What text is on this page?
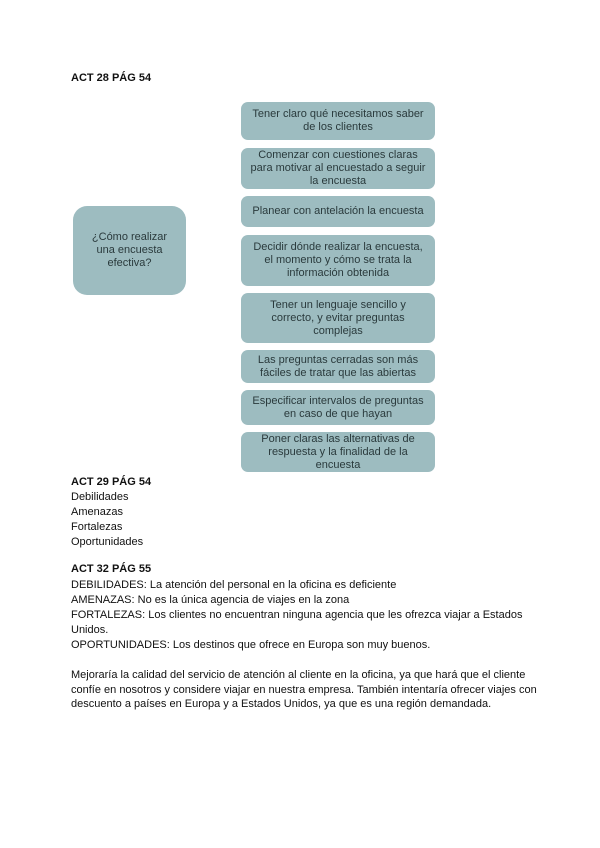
ACT 28 PÁG 54
¿Cómo realizar una encuesta efectiva?
Tener claro qué necesitamos saber de los clientes
Comenzar con cuestiones claras para motivar al encuestado a seguir la encuesta
Planear con antelación la encuesta
Decidir dónde realizar la encuesta, el momento y cómo se trata la información obtenida
Tener un lenguaje sencillo y correcto, y evitar preguntas complejas
Las preguntas cerradas son más fáciles de tratar que las abiertas
Especificar intervalos de preguntas en caso de que hayan
Poner claras las alternativas de respuesta y la finalidad de la encuesta
ACT 29 PÁG 54
Debilidades
Amenazas
Fortalezas
Oportunidades
ACT 32 PÁG 55
DEBILIDADES: La atención del personal en la oficina es deficiente
AMENAZAS: No es la única agencia de viajes en la zona
FORTALEZAS: Los clientes no encuentran ninguna agencia que les ofrezca viajar a Estados Unidos.
OPORTUNIDADES: Los destinos que ofrece en Europa son muy buenos.
Mejoraría la calidad del servicio de atención al cliente en la oficina, ya que hará que el cliente confíe en nosotros y considere viajar en nuestra empresa. También intentaría ofrecer viajes con descuento a países en Europa y a Estados Unidos, ya que es una región demandada.
